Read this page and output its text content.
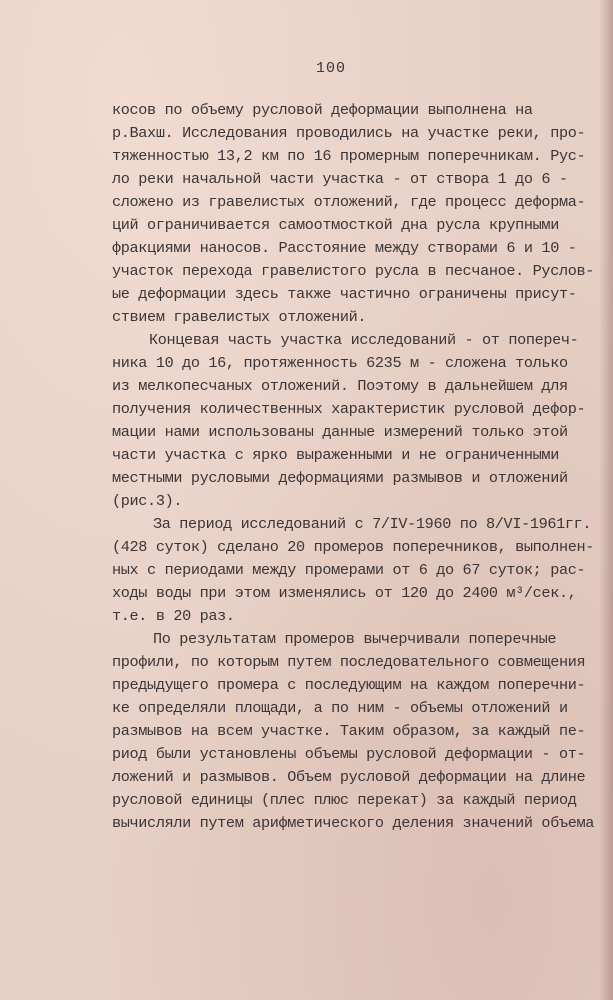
100
косов по объему русловой деформации выполнена на
р.Вахш. Исследования проводились на участке реки, про-
тяженностью 13,2 км по 16 промерным поперечникам. Рус-
ло реки начальной части участка - от створа 1 до 6 -
сложено из гравелистых отложений, где процесс деформа-
ций ограничивается самоотмосткой дна русла крупными
фракциями наносов. Расстояние между створами 6 и 10 -
участок перехода гравелистого русла в песчаное. Руслов-
ые деформации здесь также частично ограничены присут-
ствием гравелистых отложений.
Концевая часть участка исследований - от попереч-
ника 10 до 16, протяженность 6235 м - сложена только
из мелкопесчаных отложений. Поэтому в дальнейшем для
получения количественных характеристик русловой дефор-
мации нами использованы данные измерений только этой
части участка с ярко выраженными и не ограниченными
местными русловыми деформациями размывов и отложений
(рис.3).
За период исследований с 7/IV-1960 по 8/VI-1961гг.
(428 суток) сделано 20 промеров поперечников, выполнен-
ных с периодами между промерами от 6 до 67 суток; рас-
ходы воды при этом изменялись от 120 до 2400 м³/сек.,
т.е. в 20 раз.
По результатам промеров вычерчивали поперечные
профили, по которым путем последовательного совмещения
предыдущего промера с последующим на каждом поперечни-
ке определяли площади, а по ним - объемы отложений и
размывов на всем участке. Таким образом, за каждый пе-
риод были установлены объемы русловой деформации - от-
ложений и размывов. Объем русловой деформации на длине
русловой единицы (плес плюс перекат) за каждый период
вычисляли путем арифметического деления значений объема
